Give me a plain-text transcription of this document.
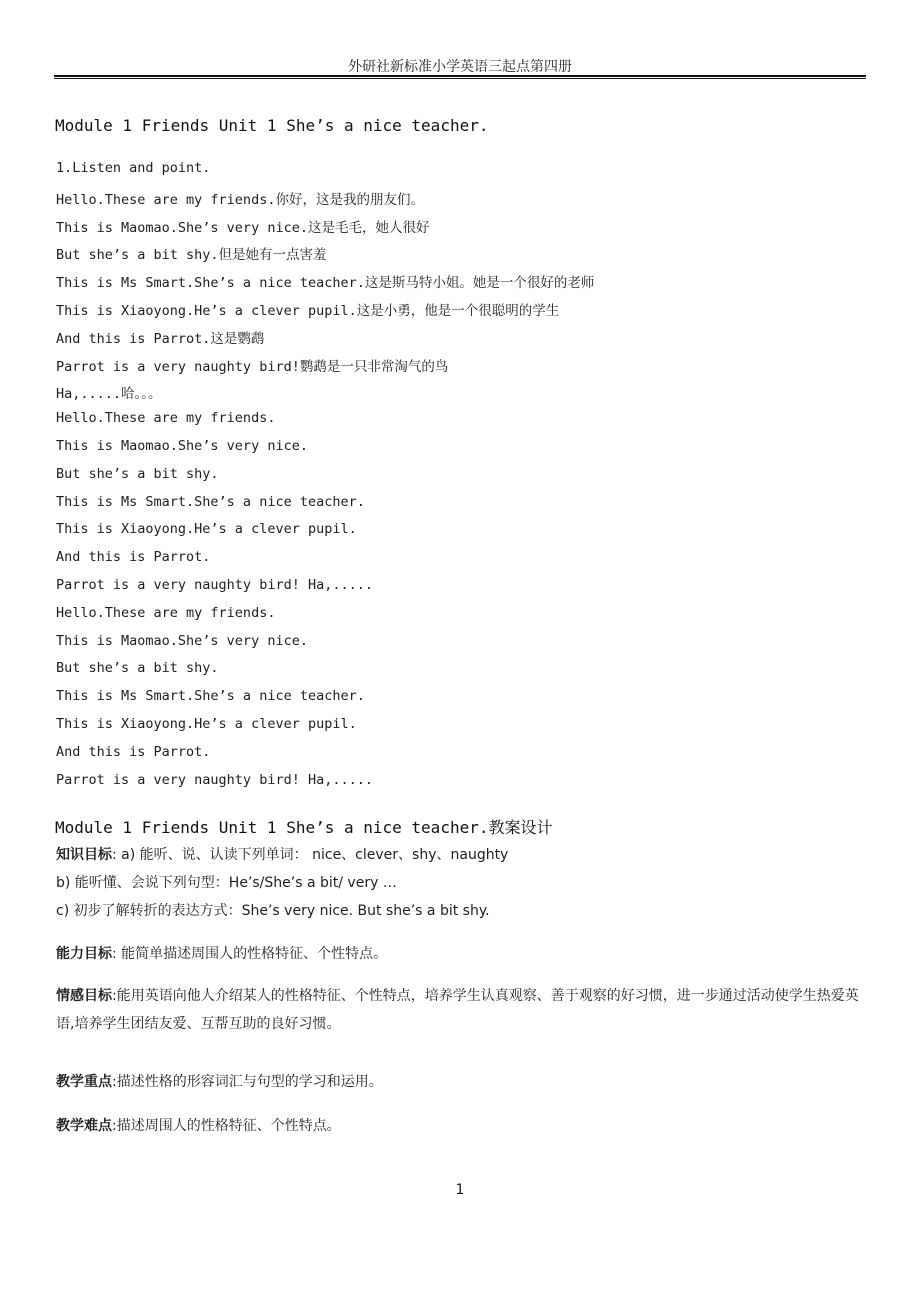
外研社新标准小学英语三起点第四册
Module 1 Friends Unit 1 She’s a nice teacher.
1.Listen and point.
Hello.These are my friends.你好，这是我的朋友们。
This is Maomao.She’s very nice.这是毛毛，她人很好
But she’s a bit shy.但是她有一点害羞
This is Ms Smart.She’s a nice teacher.这是斯马特小姐。她是一个很好的老师
This is Xiaoyong.He’s a clever pupil.这是小勇，他是一个很聪明的学生
And this is Parrot.这是鹦鹉
Parrot is a very naughty bird!鹦鹉是一只非常淘气的鸟
Ha,.....哈。。。
Hello.These are my friends.
This is Maomao.She’s very nice.
But she’s a bit shy.
This is Ms Smart.She’s a nice teacher.
This is Xiaoyong.He’s a clever pupil.
And this is Parrot.
Parrot is a very naughty bird! Ha,.....
Hello.These are my friends.
This is Maomao.She’s very nice.
But she’s a bit shy.
This is Ms Smart.She’s a nice teacher.
This is Xiaoyong.He’s a clever pupil.
And this is Parrot.
Parrot is a very naughty bird! Ha,.....
Module 1 Friends Unit 1 She’s a nice teacher.教案设计
知识目标: a) 能听、说、认读下列单词： nice、clever、shy、naughty
b) 能听懂、会说下列句型：He’s/She’s a bit/ very …
c) 初步了解转折的表达方式：She’s very nice. But she’s a bit shy.
能力目标: 能简单描述周围人的性格特征、个性特点。
情感目标:能用英语向他人介绍某人的性格特征、个性特点，培养学生认真观察、善于观察的好习惯，进一步通过活动使学生热爱英语,培养学生团结友爱、互帮互助的良好习惯。
教学重点:描述性格的形容词汇与句型的学习和运用。
教学难点:描述周围人的性格特征、个性特点。
1
